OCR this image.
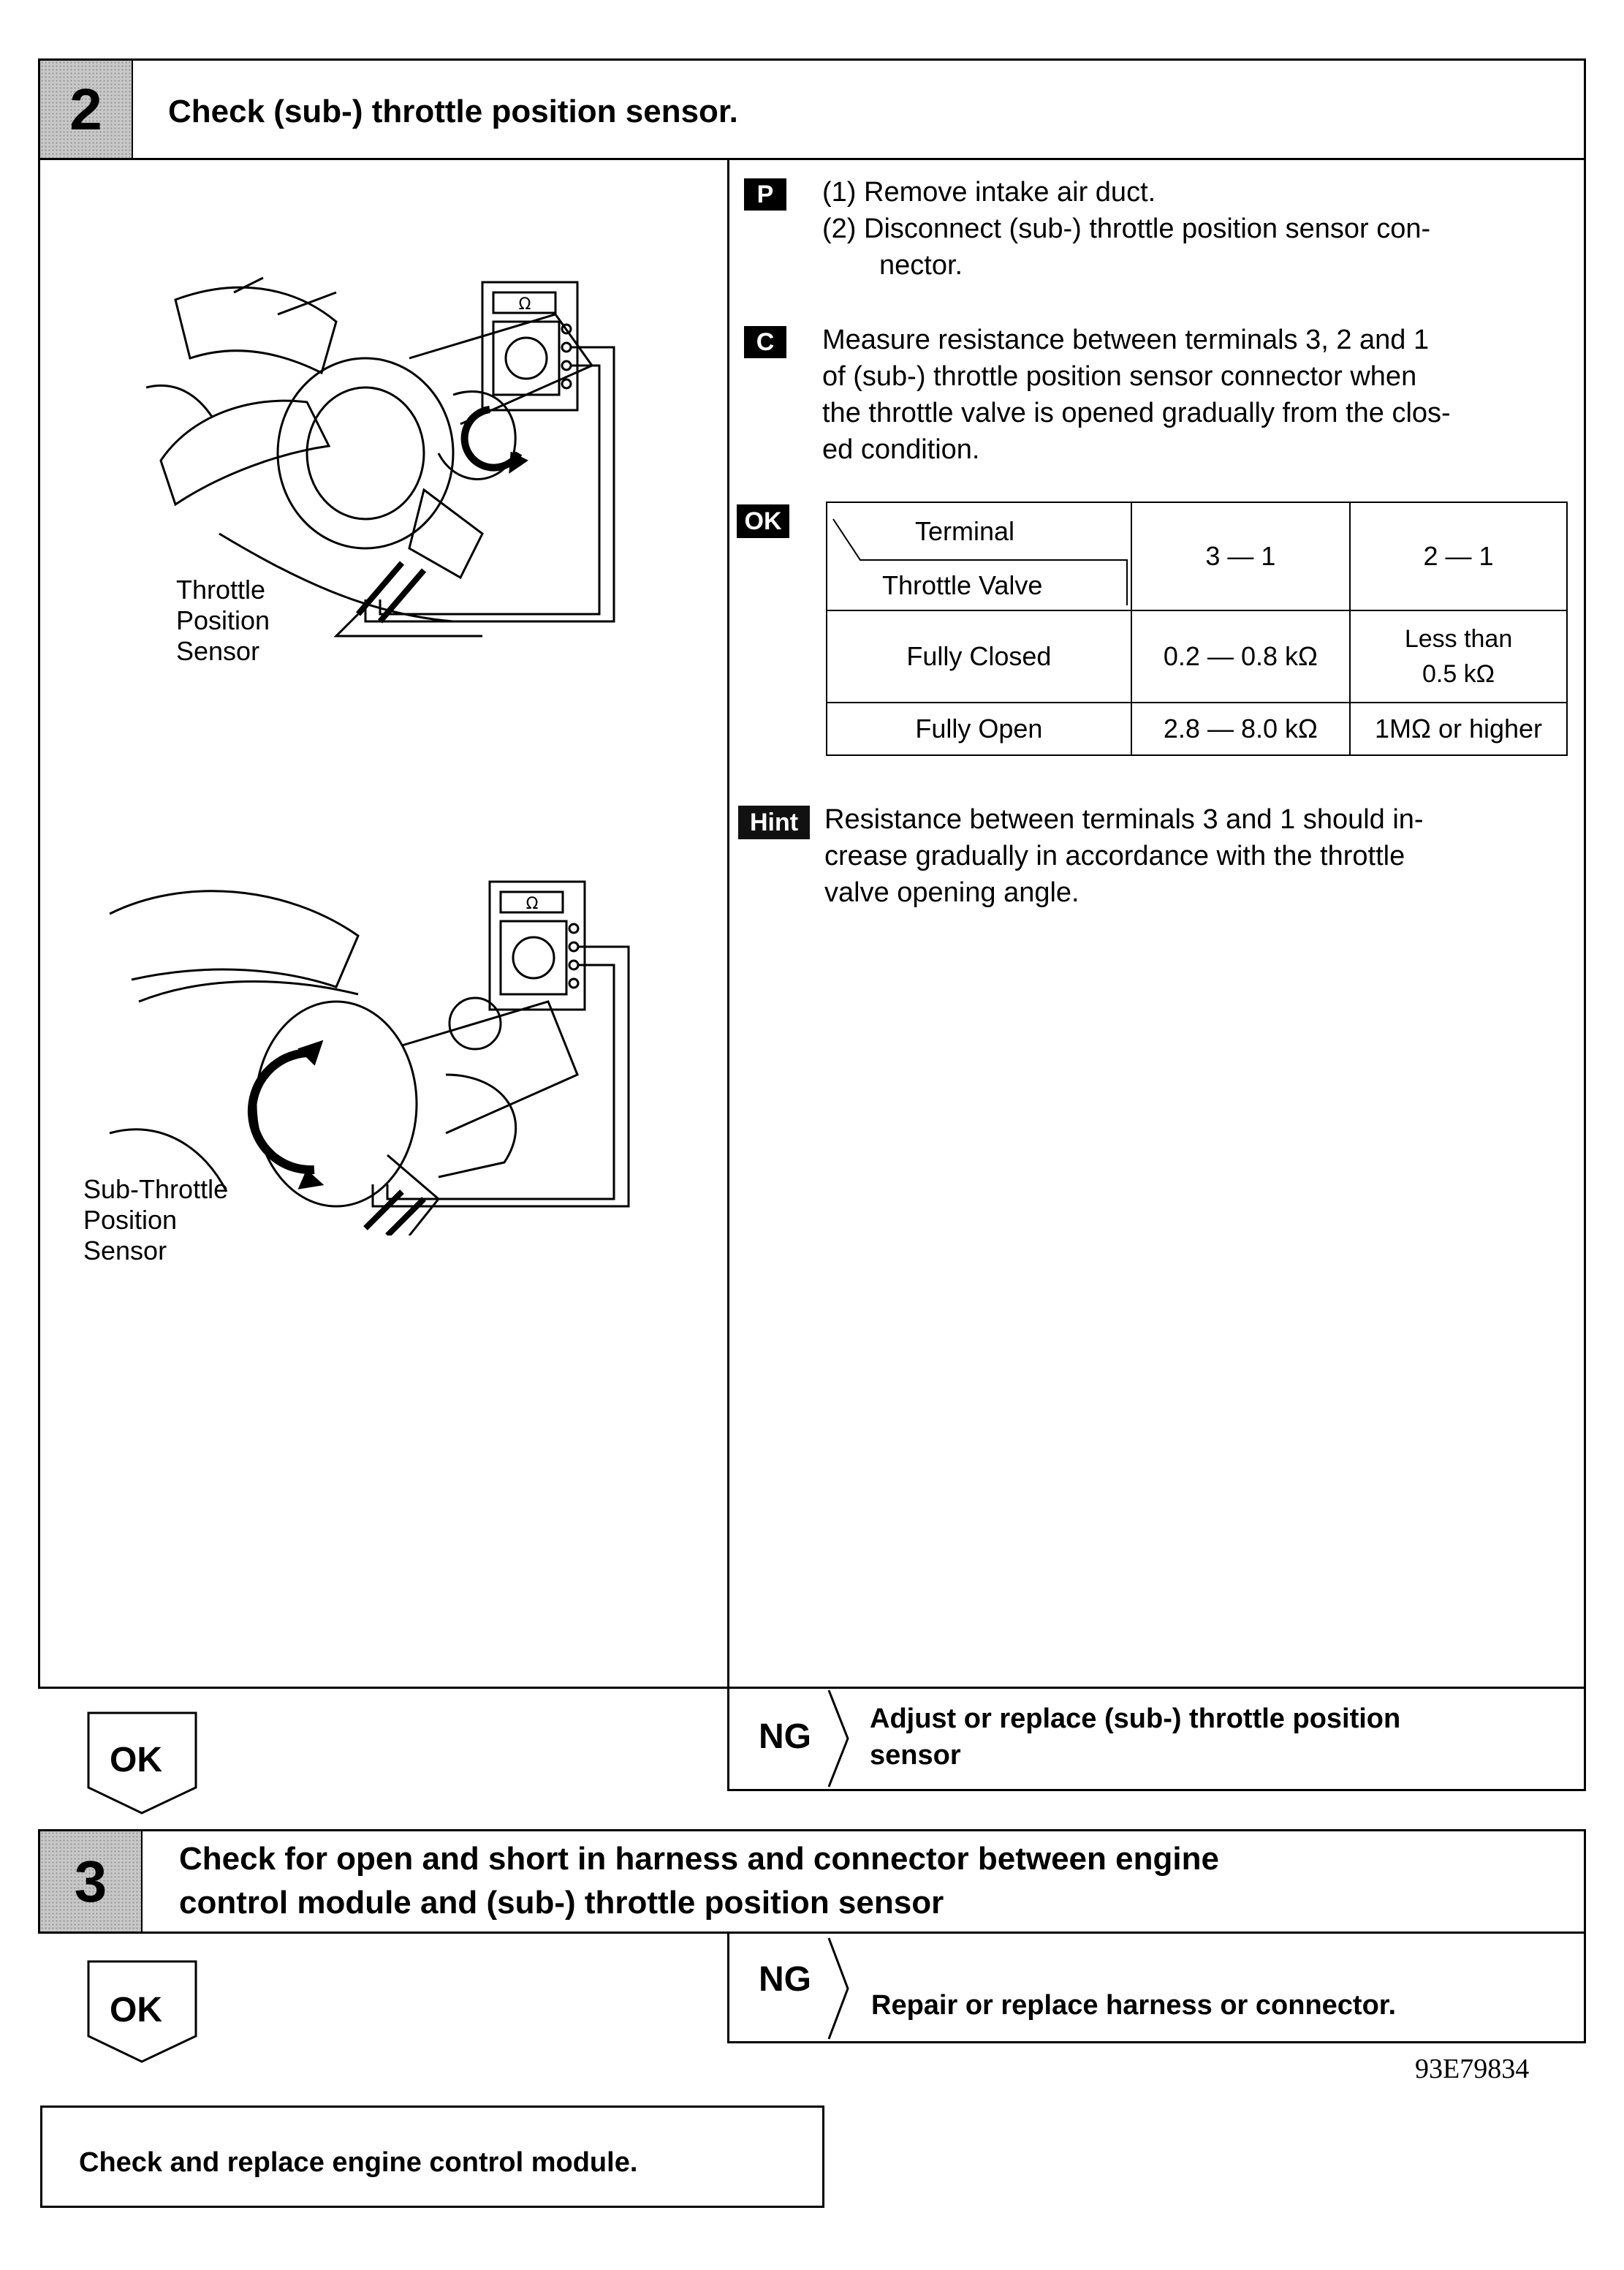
2 Check (sub-) throttle position sensor.
Ω
Throttle
Position
Sensor
Ω
Sub-Throttle
Position
Sensor
P (1) Remove intake air duct.
(2) Disconnect (sub-) throttle position sensor con-
nector.
C Measure resistance between terminals 3, 2 and 1
of (sub-) throttle position sensor connector when
the throttle valve is opened gradually from the clos-
ed condition.
OK	Terminal
Throttle Valve	3 — 1	2 — 1
Fully Closed	0.2 — 0.8 kΩ	Less than
0.5 kΩ

Fully Open	2.8 — 8.0 kΩ	1MΩ or higher
Hint Resistance between terminals 3 and 1 should in-
crease gradually in accordance with the throttle
valve opening angle.
OK
NG Adjust or replace (sub-) throttle position
sensor
3 Check for open and short in harness and connector between engine
control module and (sub-) throttle position sensor
OK
NG
Repair or replace harness or connector.
93E79834
Check and replace engine control module.
